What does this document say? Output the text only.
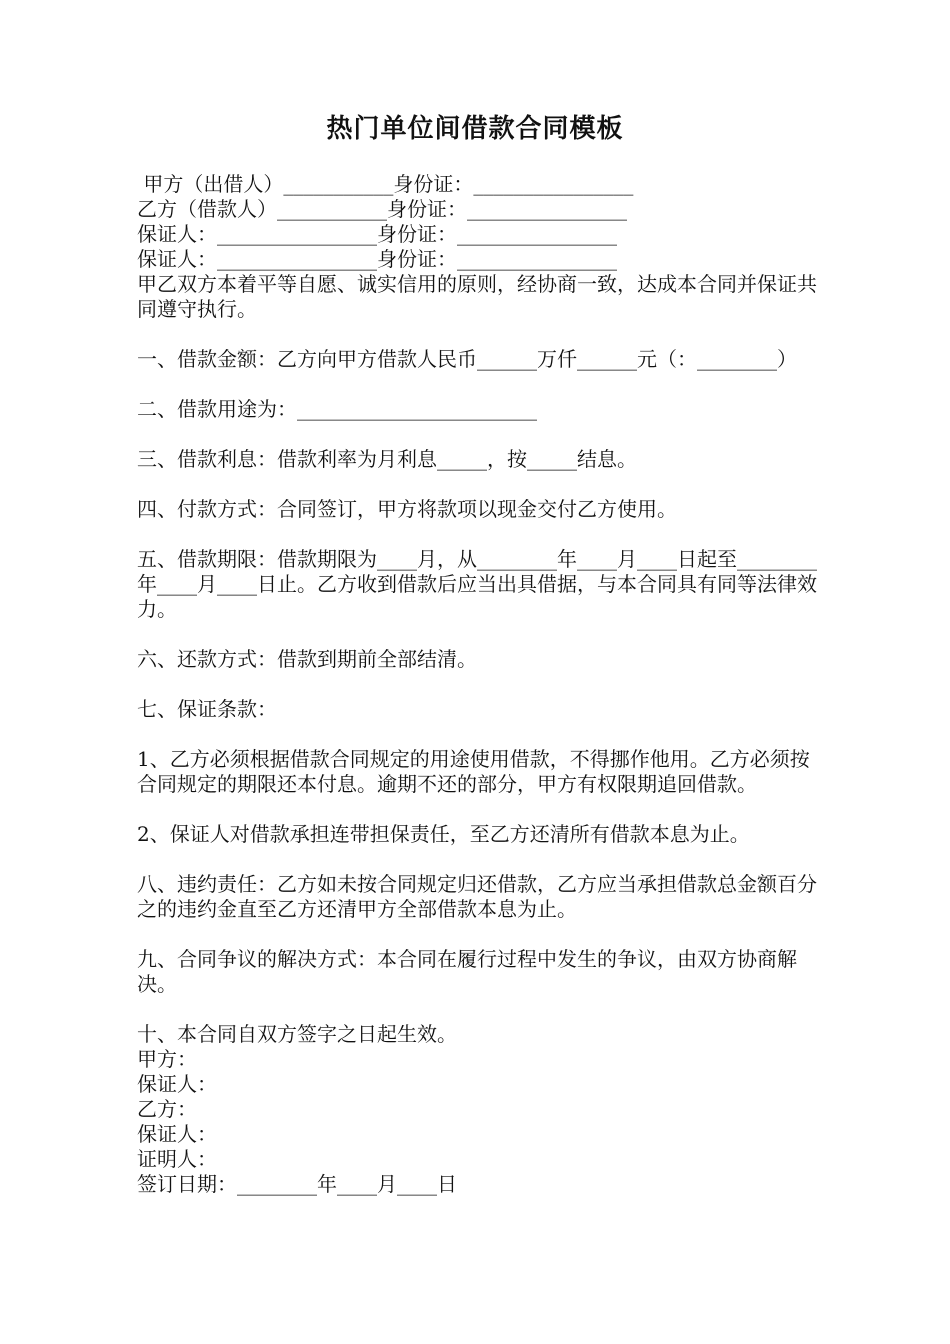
热门单位间借款合同模板
甲方（出借人）___________身份证：________________
乙方（借款人）___________身份证：________________
保证人：________________身份证：________________
保证人：________________身份证：________________
甲乙双方本着平等自愿、诚实信用的原则，经协商一致，达成本合同并保证共同遵守执行。
一、借款金额：乙方向甲方借款人民币______万仟______元（：________）
二、借款用途为：________________________
三、借款利息：借款利率为月利息_____，按_____结息。
四、付款方式：合同签订，甲方将款项以现金交付乙方使用。
五、借款期限：借款期限为____月，从________年____月____日起至________年____月____日止。乙方收到借款后应当出具借据，与本合同具有同等法律效力。
六、还款方式：借款到期前全部结清。
七、保证条款：
1、乙方必须根据借款合同规定的用途使用借款，不得挪作他用。乙方必须按合同规定的期限还本付息。逾期不还的部分，甲方有权限期追回借款。
2、保证人对借款承担连带担保责任，至乙方还清所有借款本息为止。
八、违约责任：乙方如未按合同规定归还借款，乙方应当承担借款总金额百分之的违约金直至乙方还清甲方全部借款本息为止。
九、合同争议的解决方式：本合同在履行过程中发生的争议，由双方协商解决。
十、本合同自双方签字之日起生效。
甲方：
保证人：
乙方：
保证人：
证明人：
签订日期：________年____月____日
